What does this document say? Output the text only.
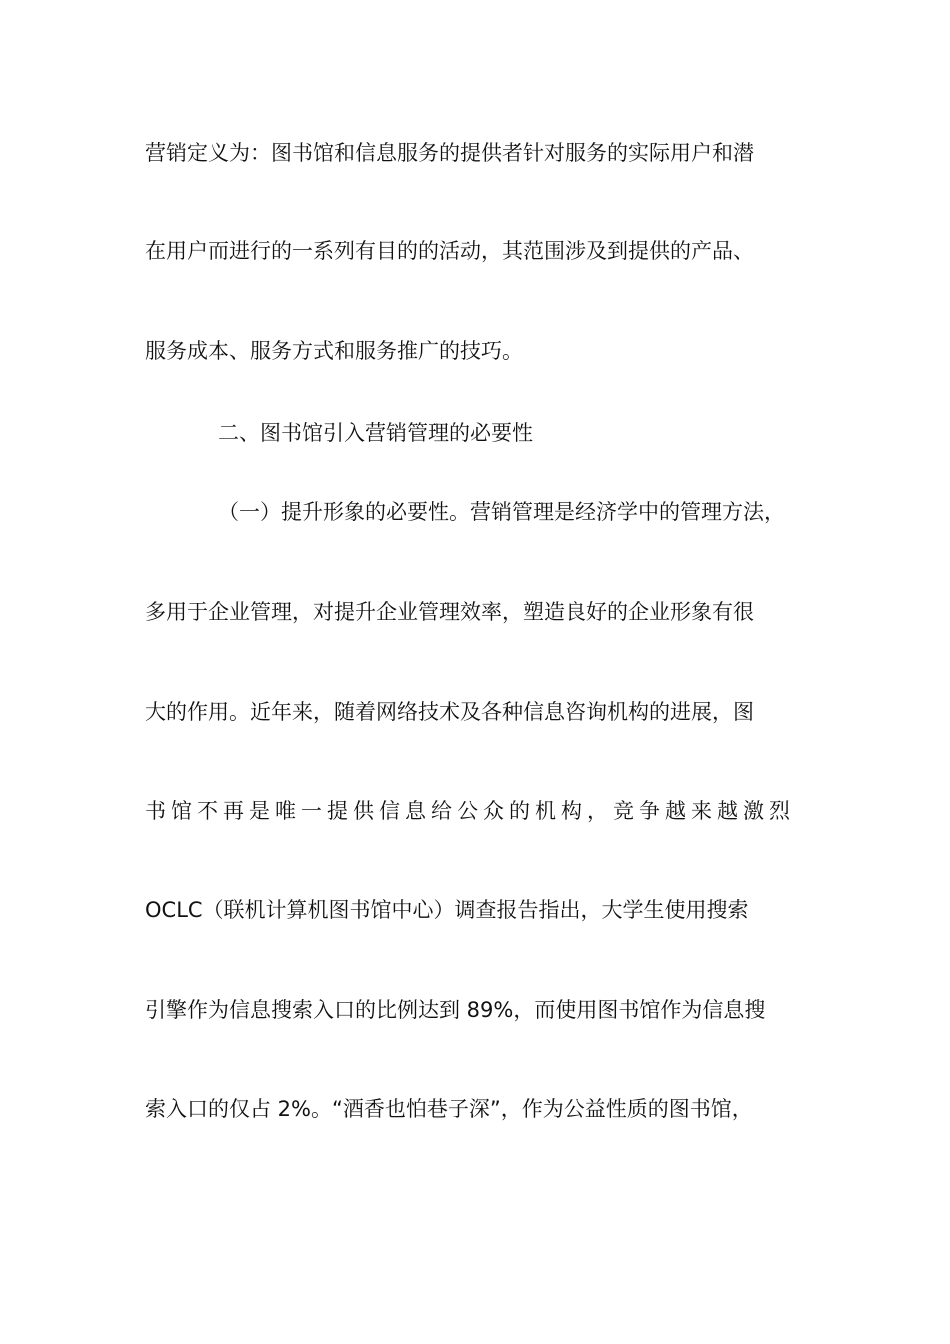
营销定义为：图书馆和信息服务的提供者针对服务的实际用户和潜
在用户而进行的一系列有目的的活动，其范围涉及到提供的产品、
服务成本、服务方式和服务推广的技巧。
二、图书馆引入营销管理的必要性
（一）提升形象的必要性。营销管理是经济学中的管理方法，
多用于企业管理，对提升企业管理效率，塑造良好的企业形象有很
大的作用。近年来，随着网络技术及各种信息咨询机构的进展，图
书馆不再是唯一提供信息给公众的机构，竞争越来越激烈
OCLC（联机计算机图书馆中心）调查报告指出，大学生使用搜索
引擎作为信息搜索入口的比例达到 89%，而使用图书馆作为信息搜
索入口的仅占 2%。“酒香也怕巷子深”，作为公益性质的图书馆，
